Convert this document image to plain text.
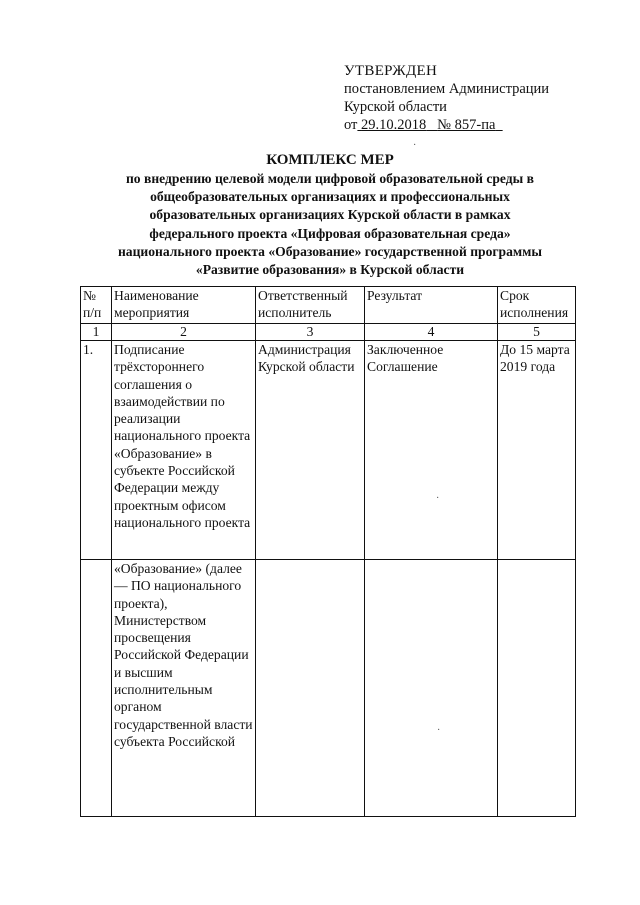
УТВЕРЖДЕН
постановлением Администрации
Курской области
от 29.10.2018 № 857-па
КОМПЛЕКС МЕР
по внедрению целевой модели цифровой образовательной среды в
общеобразовательных организациях и профессиональных
образовательных организациях Курской области в рамках
федерального проекта «Цифровая образовательная среда»
национального проекта «Образование» государственной программы
«Развитие образования» в Курской области
№ п/п	Наименование мероприятия	Ответственный исполнитель	Результат	Срок исполнения
1	2	3	4	5
1.	Подписание трёхстороннего соглашения о взаимодействии по реализации национального проекта «Образование» в субъекте Российской Федерации между проектным офисом национального проекта	Администрация Курской области	Заключенное Соглашение	До 15 марта 2019 года
	«Образование» (далее — ПО национального проекта), Министерством просвещения Российской Федерации и высшим исполнительным органом государственной власти субъекта Российской			
·
·
·
